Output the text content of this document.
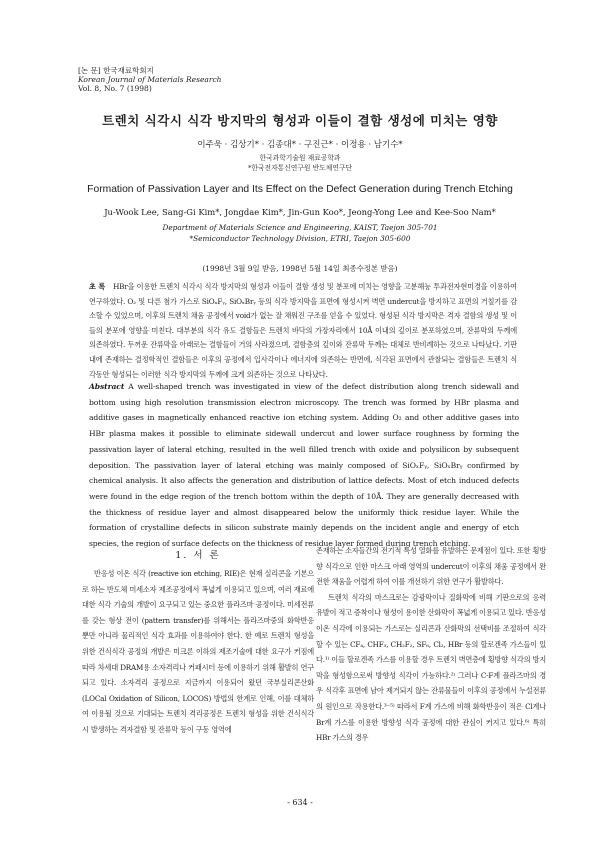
[논 문] 한국재료학회지
Korean Journal of Materials Research
Vol. 8, No. 7 (1998)
트렌치 식각시 식각 방지막의 형성과 이들이 결함 생성에 미치는 영향
이주욱 · 김상기* · 김종대* · 구진근* · 이정용 · 남기수*
한국과학기술원 재료공학과
*한국전자통신연구원 반도체연구단
Formation of Passivation Layer and Its Effect on the Defect Generation during Trench Etching
Ju-Wook Lee, Sang-Gi Kim*, Jongdae Kim*, Jin-Gun Koo*, Jeong-Yong Lee and Kee-Soo Nam*
Department of Materials Science and Engineering, KAIST, Taejon 305-701
*Semiconductor Technology Division, ETRI, Taejon 305-600
(1998년 3월 9일 받음, 1998년 5월 14일 최종수정본 받음)
초 록 HBr을 이용한 트렌치 식각시 식각 방지막의 형성과 이들이 결함 생성 및 분포에 미치는 영향을 고분해능 투과전자현미경을 이용하여 연구하였다. O₂ 및 다른 첨가 가스로 SiOₓFᵧ, SiOₓBrᵧ 등의 식각 방지막을 표면에 형성시켜 벽면 undercut을 방지하고 표면의 거칠기를 감소할 수 있었으며, 이후의 트렌치 채움 공정에서 void가 없는 잘 채워진 구조를 얻을 수 있었다. 형성된 식각 방지막은 격자 결함의 생성 및 이들의 분포에 영향을 미친다. 대부분의 식각 유도 결함들은 트렌치 바닥의 가장자리에서 10Å 이내의 깊이로 분포하였으며, 잔류막의 두께에 의존하였다. 두꺼운 잔류막을 아래로는 결함들이 거의 사라졌으며, 결함층의 깊이와 잔류막 두께는 대체로 반비례하는 것으로 나타났다. 기판 내에 존재하는 결정학적인 결함들은 이후의 공정에서 입사각이나 에너지에 의존하는 반면에, 식각된 표면에서 관찰되는 결함들은 트렌치 식각동안 형성되는 이러한 식각 방지막의 두께에 크게 의존하는 것으로 나타났다.
Abstract A well-shaped trench was investigated in view of the defect distribution along trench sidewall and bottom using high resolution transmission electron microscopy. The trench was formed by HBr plasma and additive gases in magnetically enhanced reactive ion etching system. Adding O₂ and other additive gases into HBr plasma makes it possible to eliminate sidewall undercut and lower surface roughness by forming the passivation layer of lateral etching, resulted in the well filled trench with oxide and polysilicon by subsequent deposition. The passivation layer of lateral etching was mainly composed of SiOₓFᵧ, SiOₓBrᵧ confirmed by chemical analysis. It also affects the generation and distribution of lattice defects. Most of etch induced defects were found in the edge region of the trench bottom within the depth of 10Å. They are generally decreased with the thickness of residue layer and almost disappeared below the uniformly thick residue layer. While the formation of crystalline defects in silicon substrate mainly depends on the incident angle and energy of etch species, the region of surface defects on the thickness of residue layer formed during trench etching.
1. 서 론

반응성 이온 식각 (reactive ion etching, RIE)은 현재 실리콘을 기본으로 하는 반도체 미세소자 제조공정에서 폭넓게 이용되고 있으며, 여러 재료에 대한 식각 기술의 개발이 요구되고 있는 중요한 플라즈마 공정이다. 미세전류를 갖는 형상 전이 (pattern transfer)를 위해서는 플라즈마중의 화학반응 뿐만 아니라 물리적인 식각 효과를 이용하여야 한다. 한 예로 트렌치 형성을 위한 건식식각 공정의 개발은 미크론 이하의 제조기술에 대한 요구가 커짐에 따라 차세대 DRAM용 소자격리나 커패시터 등에 이용하기 위해 활발히 연구되고 있다. 소자격리 공정으로 지금까지 이용되어 왔던 국부실리콘산화 (LOCal Oxidation of Silicon, LOCOS) 방법의 한계로 인해, 이를 대체하여 이용될 것으로 기대되는 트렌치 격리공정은 트렌치 형성을 위한 건식식각시 발생하는 격자결함 및 잔류막 등이 구동 영역에

존재하는 소자들간의 전기적 특성 열화를 유발하는 문제점이 있다. 또한 횡방향 식각으로 인한 마스크 아래 영역의 undercut이 이후의 채움 공정에서 완전한 채움을 어렵게 하여 이를 개선하기 위한 연구가 활발하다.

트렌치 식각의 마스크로는 감광막이나 질화막에 비해 기판으로의 응력 유발이 적고 증착이나 형성이 용이한 산화막이 폭넓게 이용되고 있다. 반응성 이온 식각에 이용되는 가스로는 실리콘과 산화막의 선택비를 조절하여 식각할 수 있는 CF₄, CHF₃, CH₂F₂, SF₆, Cl₂, HBr 등의 할로겐족 가스들이 있다.¹⁾ 이들 할로겐족 가스를 이용할 경우 트렌치 벽면층에 횡방향 식각의 방지막을 형성함으로써 방향성 식각이 가능하다.²⁾ 그러나 C-F계 플라즈마의 경우 식각후 표면에 남아 제거되지 않는 잔류물들이 이후의 공정에서 누설전류의 원인으로 작용한다.³⁻⁵⁾ 따라서 F계 가스에 비해 화학반응이 적은 Cl계나 Br계 가스를 이용한 방향성 식각 공정에 대한 관심이 커지고 있다.⁶⁾ 특히 HBr 가스의 경우

- 634 -
